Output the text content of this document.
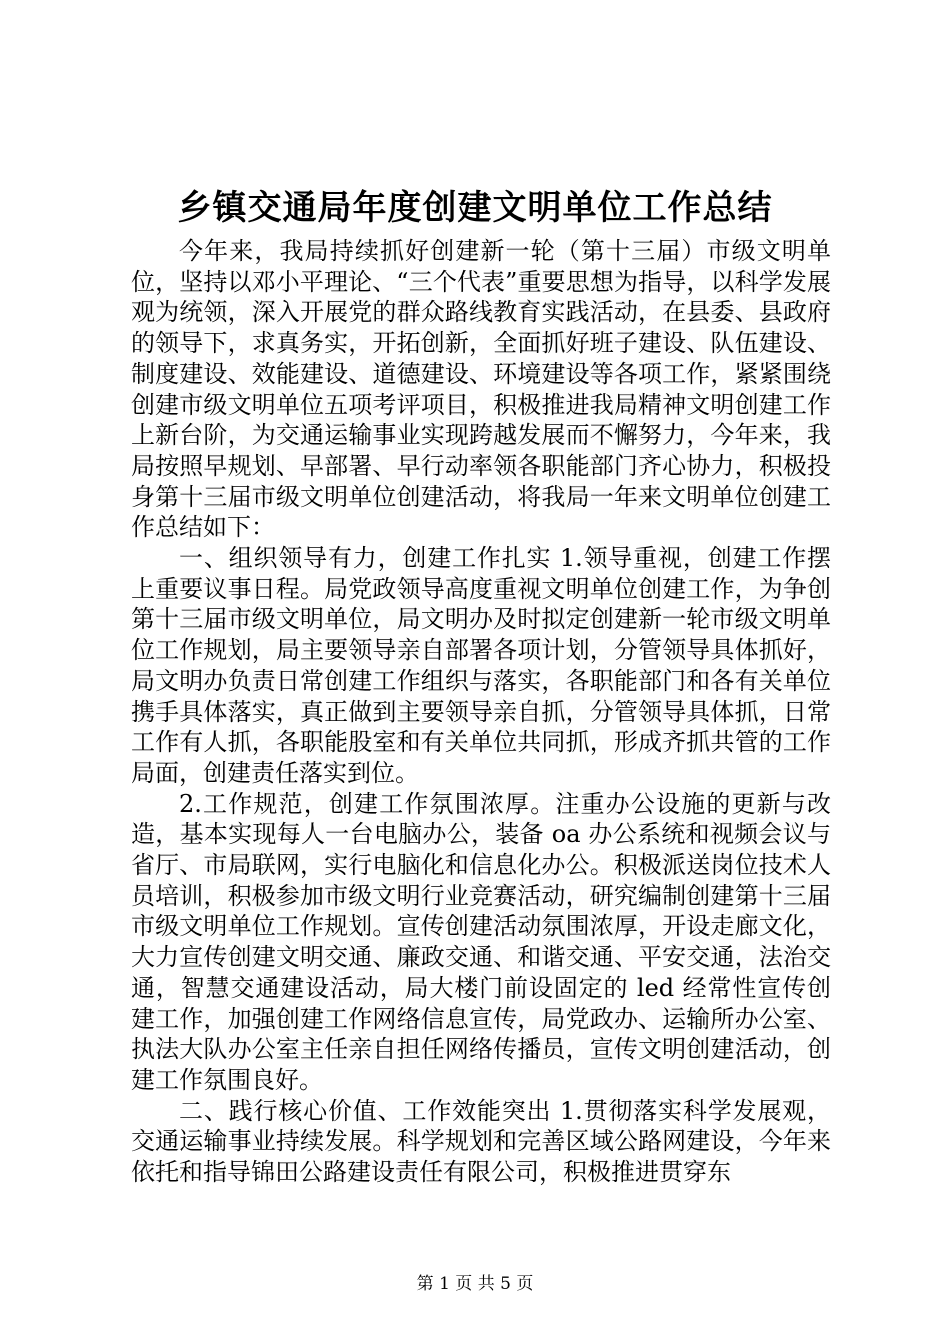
乡镇交通局年度创建文明单位工作总结

今年来，我局持续抓好创建新一轮（第十三届）市级文明单位，坚持以邓小平理论、“三个代表”重要思想为指导，以科学发展观为统领，深入开展党的群众路线教育实践活动，在县委、县政府的领导下，求真务实，开拓创新，全面抓好班子建设、队伍建设、制度建设、效能建设、道德建设、环境建设等各项工作，紧紧围绕创建市级文明单位五项考评项目，积极推进我局精神文明创建工作上新台阶，为交通运输事业实现跨越发展而不懈努力，今年来，我局按照早规划、早部署、早行动率领各职能部门齐心协力，积极投身第十三届市级文明单位创建活动，将我局一年来文明单位创建工作总结如下：

一、组织领导有力，创建工作扎实 1.领导重视，创建工作摆上重要议事日程。局党政领导高度重视文明单位创建工作，为争创第十三届市级文明单位，局文明办及时拟定创建新一轮市级文明单位工作规划，局主要领导亲自部署各项计划，分管领导具体抓好，局文明办负责日常创建工作组织与落实，各职能部门和各有关单位携手具体落实，真正做到主要领导亲自抓，分管领导具体抓，日常工作有人抓，各职能股室和有关单位共同抓，形成齐抓共管的工作局面，创建责任落实到位。

2.工作规范，创建工作氛围浓厚。注重办公设施的更新与改造，基本实现每人一台电脑办公，装备 oa 办公系统和视频会议与省厅、市局联网，实行电脑化和信息化办公。积极派送岗位技术人员培训，积极参加市级文明行业竞赛活动，研究编制创建第十三届市级文明单位工作规划。宣传创建活动氛围浓厚，开设走廊文化，大力宣传创建文明交通、廉政交通、和谐交通、平安交通，法治交通，智慧交通建设活动，局大楼门前设固定的 led 经常性宣传创建工作，加强创建工作网络信息宣传，局党政办、运输所办公室、执法大队办公室主任亲自担任网络传播员，宣传文明创建活动，创建工作氛围良好。

二、践行核心价值、工作效能突出 1.贯彻落实科学发展观，交通运输事业持续发展。科学规划和完善区域公路网建设，今年来依托和指导锦田公路建设责任有限公司，积极推进贯穿东

第 1 页 共 5 页
